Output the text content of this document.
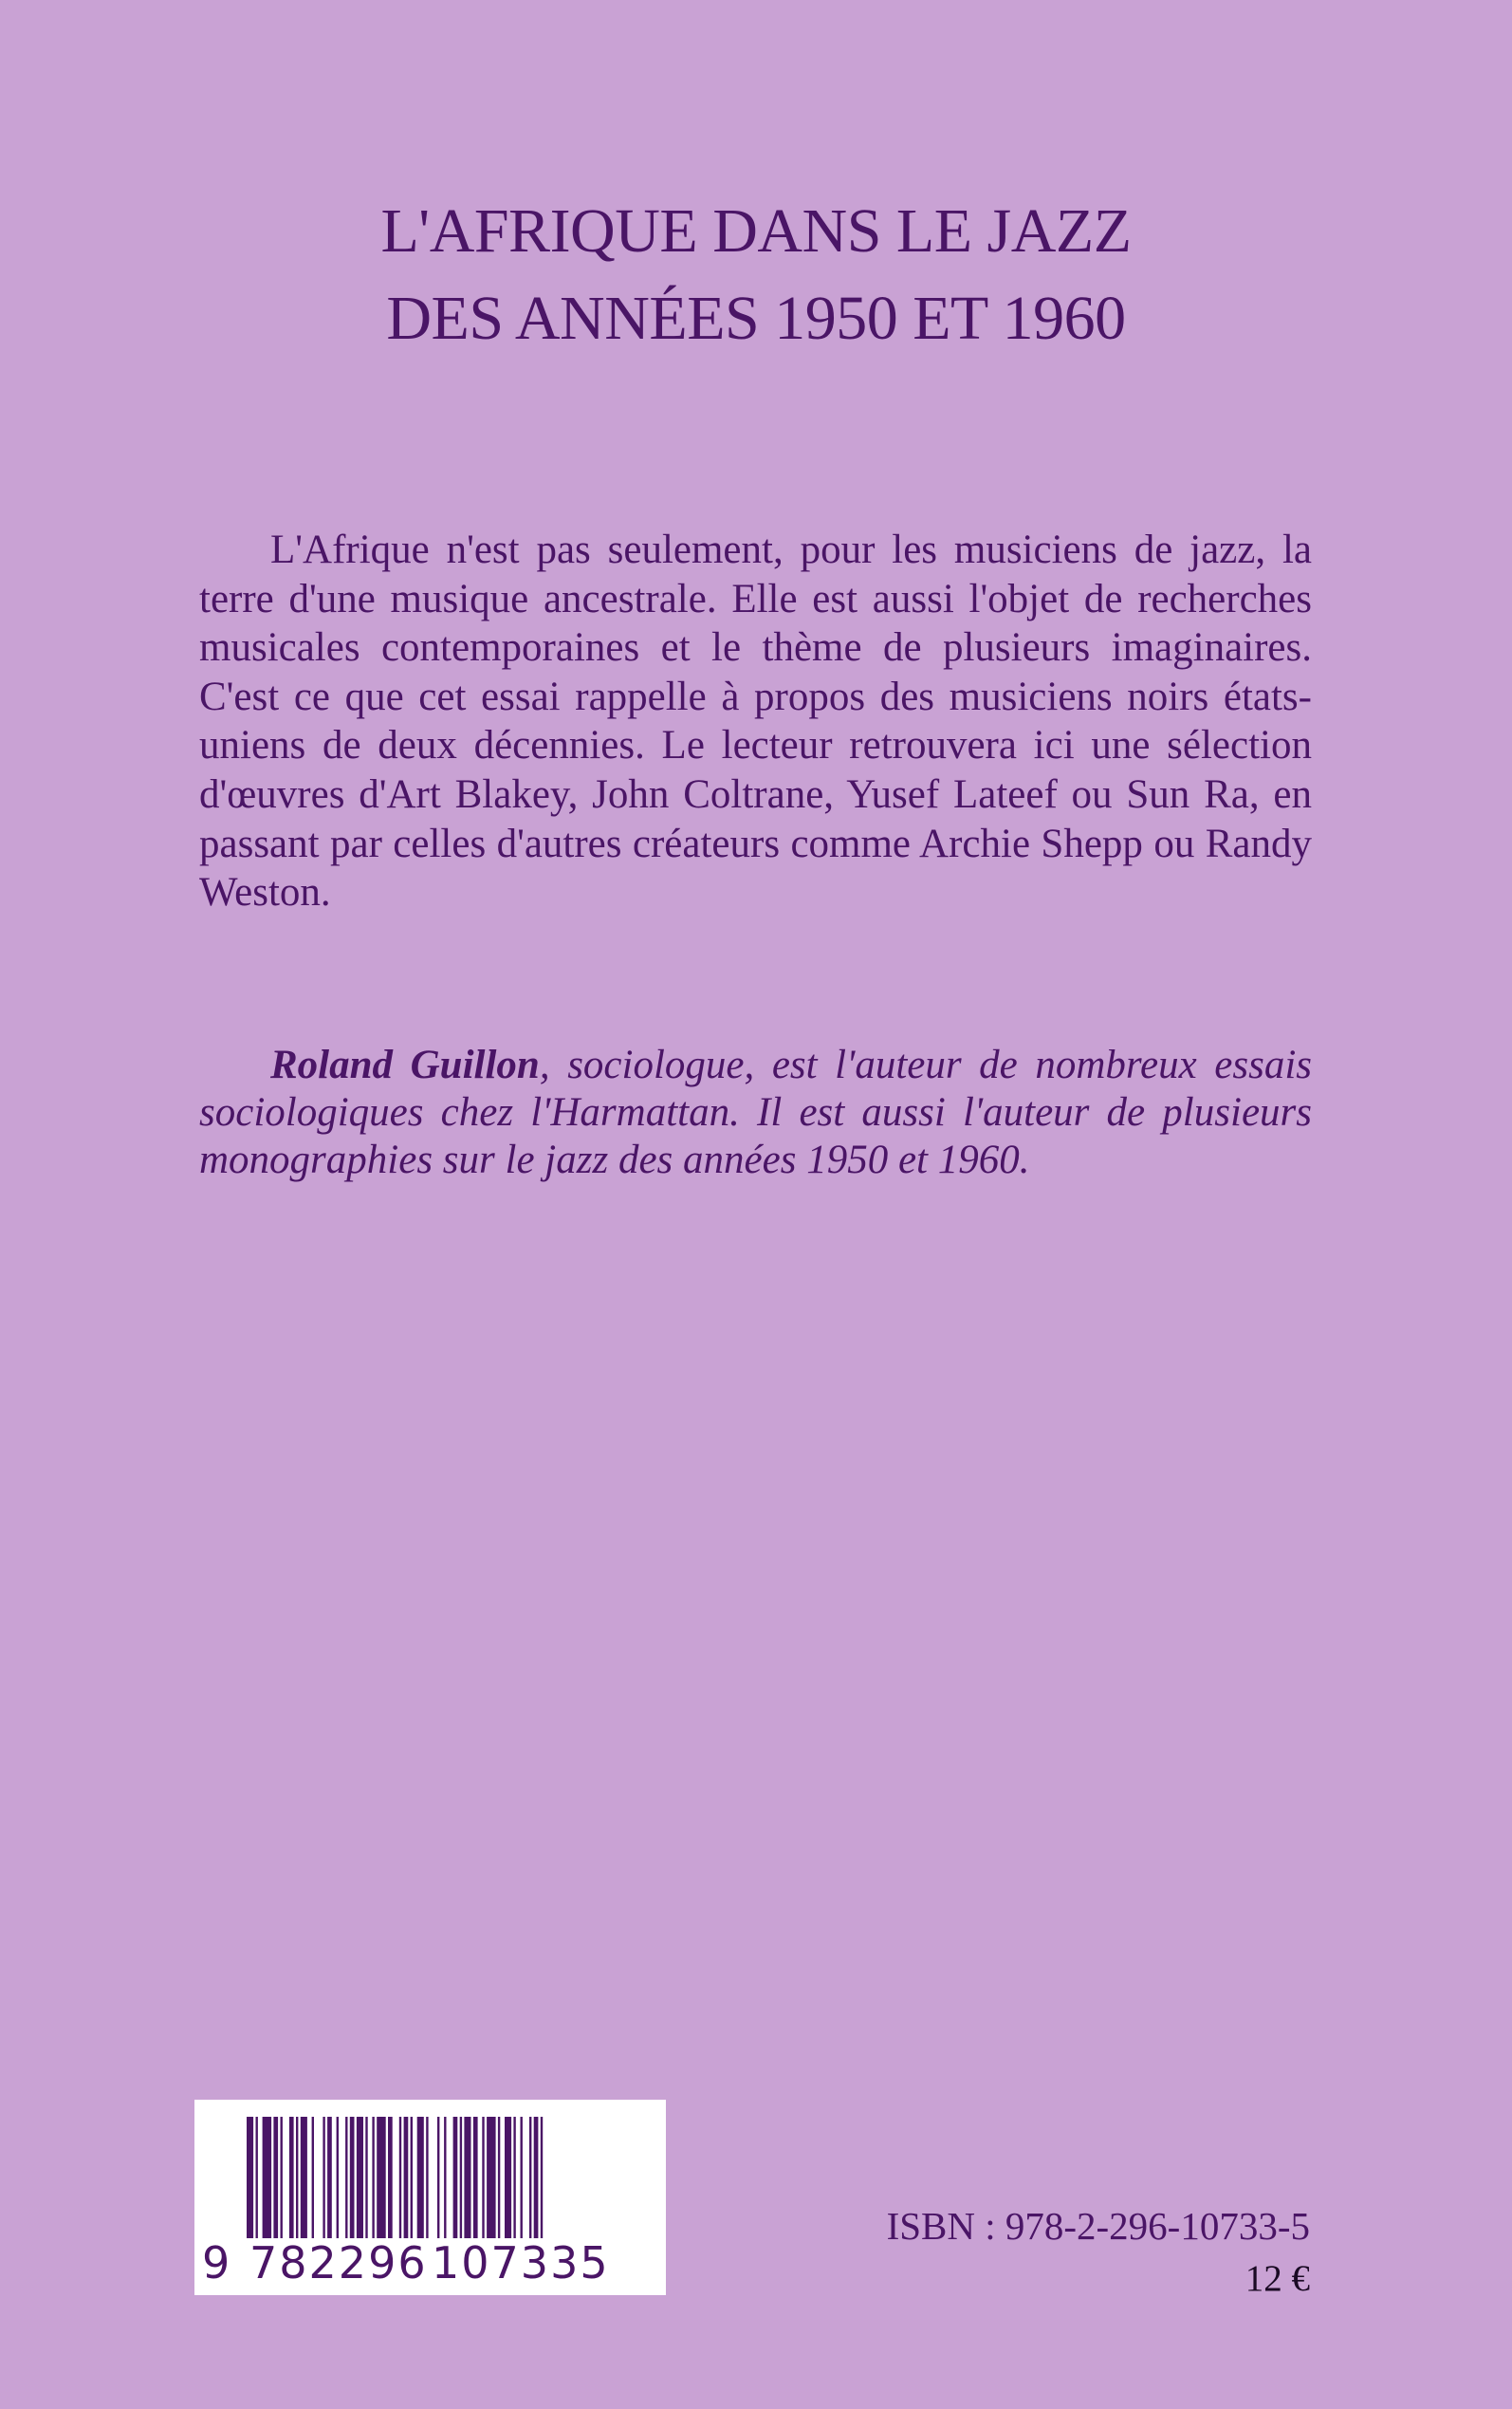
L'AFRIQUE DANS LE JAZZ
DES ANNÉES 1950 ET 1960

L'Afrique n'est pas seulement, pour les musiciens de jazz, la terre d'une musique ancestrale. Elle est aussi l'objet de recherches musicales contemporaines et le thème de plusieurs imaginaires. C'est ce que cet essai rappelle à propos des musiciens noirs états-uniens de deux décennies. Le lecteur retrouvera ici une sélection d'œuvres d'Art Blakey, John Coltrane, Yusef Lateef ou Sun Ra, en passant par celles d'autres créateurs comme Archie Shepp ou Randy Weston.

Roland Guillon, sociologue, est l'auteur de nombreux essais sociologiques chez l'Harmattan. Il est aussi l'auteur de plusieurs monographies sur le jazz des années 1950 et 1960.

9 782296 107335
ISBN : 978-2-296-10733-5
12 €
